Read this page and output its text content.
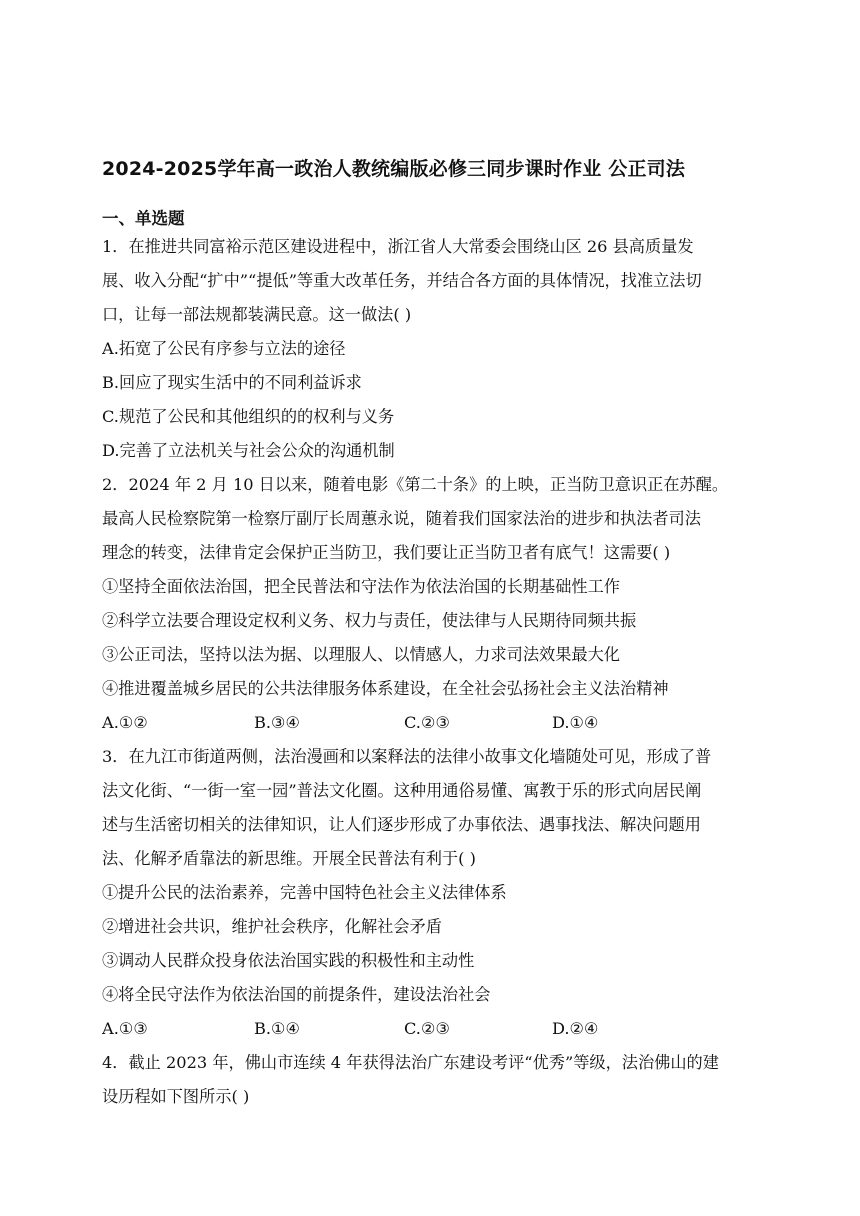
2024-2025学年高一政治人教统编版必修三同步课时作业 公正司法
一、单选题
1．在推进共同富裕示范区建设进程中，浙江省人大常委会围绕山区 26 县高质量发
展、收入分配“扩中”“提低”等重大改革任务，并结合各方面的具体情况，找准立法切
口，让每一部法规都装满民意。这一做法( )
A.拓宽了公民有序参与立法的途径
B.回应了现实生活中的不同利益诉求
C.规范了公民和其他组织的的权利与义务
D.完善了立法机关与社会公众的沟通机制
2．2024 年 2 月 10 日以来，随着电影《第二十条》的上映，正当防卫意识正在苏醒。
最高人民检察院第一检察厅副厅长周蕙永说，随着我们国家法治的进步和执法者司法
理念的转变，法律肯定会保护正当防卫，我们要让正当防卫者有底气！这需要( )
①坚持全面依法治国，把全民普法和守法作为依法治国的长期基础性工作
②科学立法要合理设定权利义务、权力与责任，使法律与人民期待同频共振
③公正司法，坚持以法为据、以理服人、以情感人，力求司法效果最大化
④推进覆盖城乡居民的公共法律服务体系建设，在全社会弘扬社会主义法治精神
A.①②	B.③④	C.②③	D.①④
3．在九江市街道两侧，法治漫画和以案释法的法律小故事文化墙随处可见，形成了普
法文化街、“一街一室一园”普法文化圈。这种用通俗易懂、寓教于乐的形式向居民阐
述与生活密切相关的法律知识，让人们逐步形成了办事依法、遇事找法、解决问题用
法、化解矛盾靠法的新思维。开展全民普法有利于( )
①提升公民的法治素养，完善中国特色社会主义法律体系
②增进社会共识，维护社会秩序，化解社会矛盾
③调动人民群众投身依法治国实践的积极性和主动性
④将全民守法作为依法治国的前提条件，建设法治社会
A.①③	B.①④	C.②③	D.②④
4．截止 2023 年，佛山市连续 4 年获得法治广东建设考评“优秀”等级，法治佛山的建
设历程如下图所示( )
